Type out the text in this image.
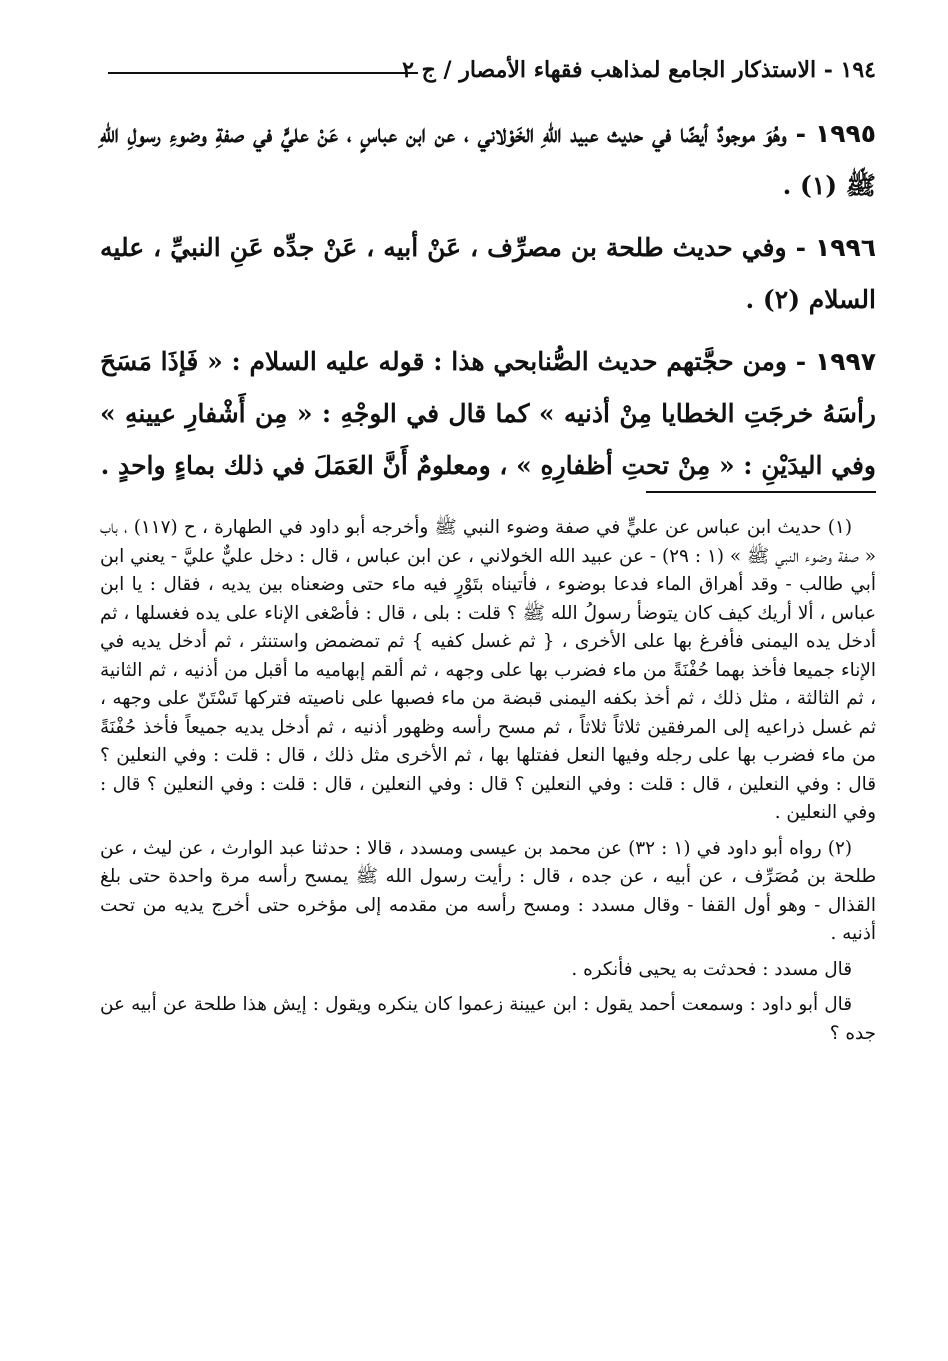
١٩٤ - الاستذكار الجامع لمذاهب فقهاء الأمصار / ج ٢

١٩٩٥ - وهُوَ موجودٌ أيضًا في حديث عبيد اللهِ الخَوْلاني ، عن ابن عباسٍ ، عَنْ عليٍّ في صفةِ وضوءِ رسولِ اللهِ ﷺ (١) .

١٩٩٦ - وفي حديث طلحة بن مصرِّف ، عَنْ أبيه ، عَنْ جدِّه عَنِ النبيِّ ، عليه السلام (٢) .

١٩٩٧ - ومن حجَّتهم حديث الصُّنابحي هذا : قوله عليه السلام : « فَإذَا مَسَحَ رأسَهُ خرجَتِ الخطايا مِنْ أذنيه » كما قال في الوجْهِ : « مِن أَشْفارِ عيينهِ » وفي اليدَيْنِ : « مِنْ تحتِ أظفارِهِ » ، ومعلومٌ أَنَّ العَمَلَ في ذلك بماءٍ واحدٍ .

(١) حديث ابن عباس عن عليٍّ في صفة وضوء النبي ﷺ وأخرجه أبو داود في الطهارة ، ح (١١٧) ، باب « صفة وضوء النبي ﷺ » (١ : ٢٩) - عن عبيد الله الخولاني ، عن ابن عباس ، قال : دخل عليٌّ عليَّ - يعني ابن أبي طالب - وقد أهراق الماء فدعا بوضوء ، فأتيناه بتَوْرٍ فيه ماء حتى وضعناه بين يديه ، فقال : يا ابن عباس ، ألا أريك كيف كان يتوضأ رسولُ الله ﷺ ؟ قلت : بلى ، قال : فأصْغى الإناء على يده فغسلها ، ثم أدخل يده اليمنى فأفرغ بها على الأخرى ، { ثم غسل كفيه } ثم تمضمض واستنثر ، ثم أدخل يديه في الإناء جميعا فأخذ بهما حُفْنَةً من ماء فضرب بها على وجهه ، ثم ألقم إبهاميه ما أقبل من أذنيه ، ثم الثانية ، ثم الثالثة ، مثل ذلك ، ثم أخذ بكفه اليمنى قبضة من ماء فصبها على ناصيته فتركها تَسْتَنّ على وجهه ، ثم غسل ذراعيه إلى المرفقين ثلاثاً ثلاثاً ، ثم مسح رأسه وظهور أذنيه ، ثم أدخل يديه جميعاً فأخذ حُفْنَةً من ماء فضرب بها على رجله وفيها النعل ففتلها بها ، ثم الأخرى مثل ذلك ، قال : قلت : وفي النعلين ؟ قال : وفي النعلين ، قال : قلت : وفي النعلين ؟ قال : وفي النعلين ، قال : قلت : وفي النعلين ؟ قال : وفي النعلين .

(٢) رواه أبو داود في (١ : ٣٢) عن محمد بن عيسى ومسدد ، قالا : حدثنا عبد الوارث ، عن ليث ، عن طلحة بن مُصَرِّف ، عن أبيه ، عن جده ، قال : رأيت رسول الله ﷺ يمسح رأسه مرة واحدة حتى بلغ القذال - وهو أول القفا - وقال مسدد : ومسح رأسه من مقدمه إلى مؤخره حتى أخرج يديه من تحت أذنيه .

قال مسدد : فحدثت به يحيى فأنكره .

قال أبو داود : وسمعت أحمد يقول : ابن عيينة زعموا كان ينكره ويقول : إيش هذا طلحة عن أبيه عن جده ؟
